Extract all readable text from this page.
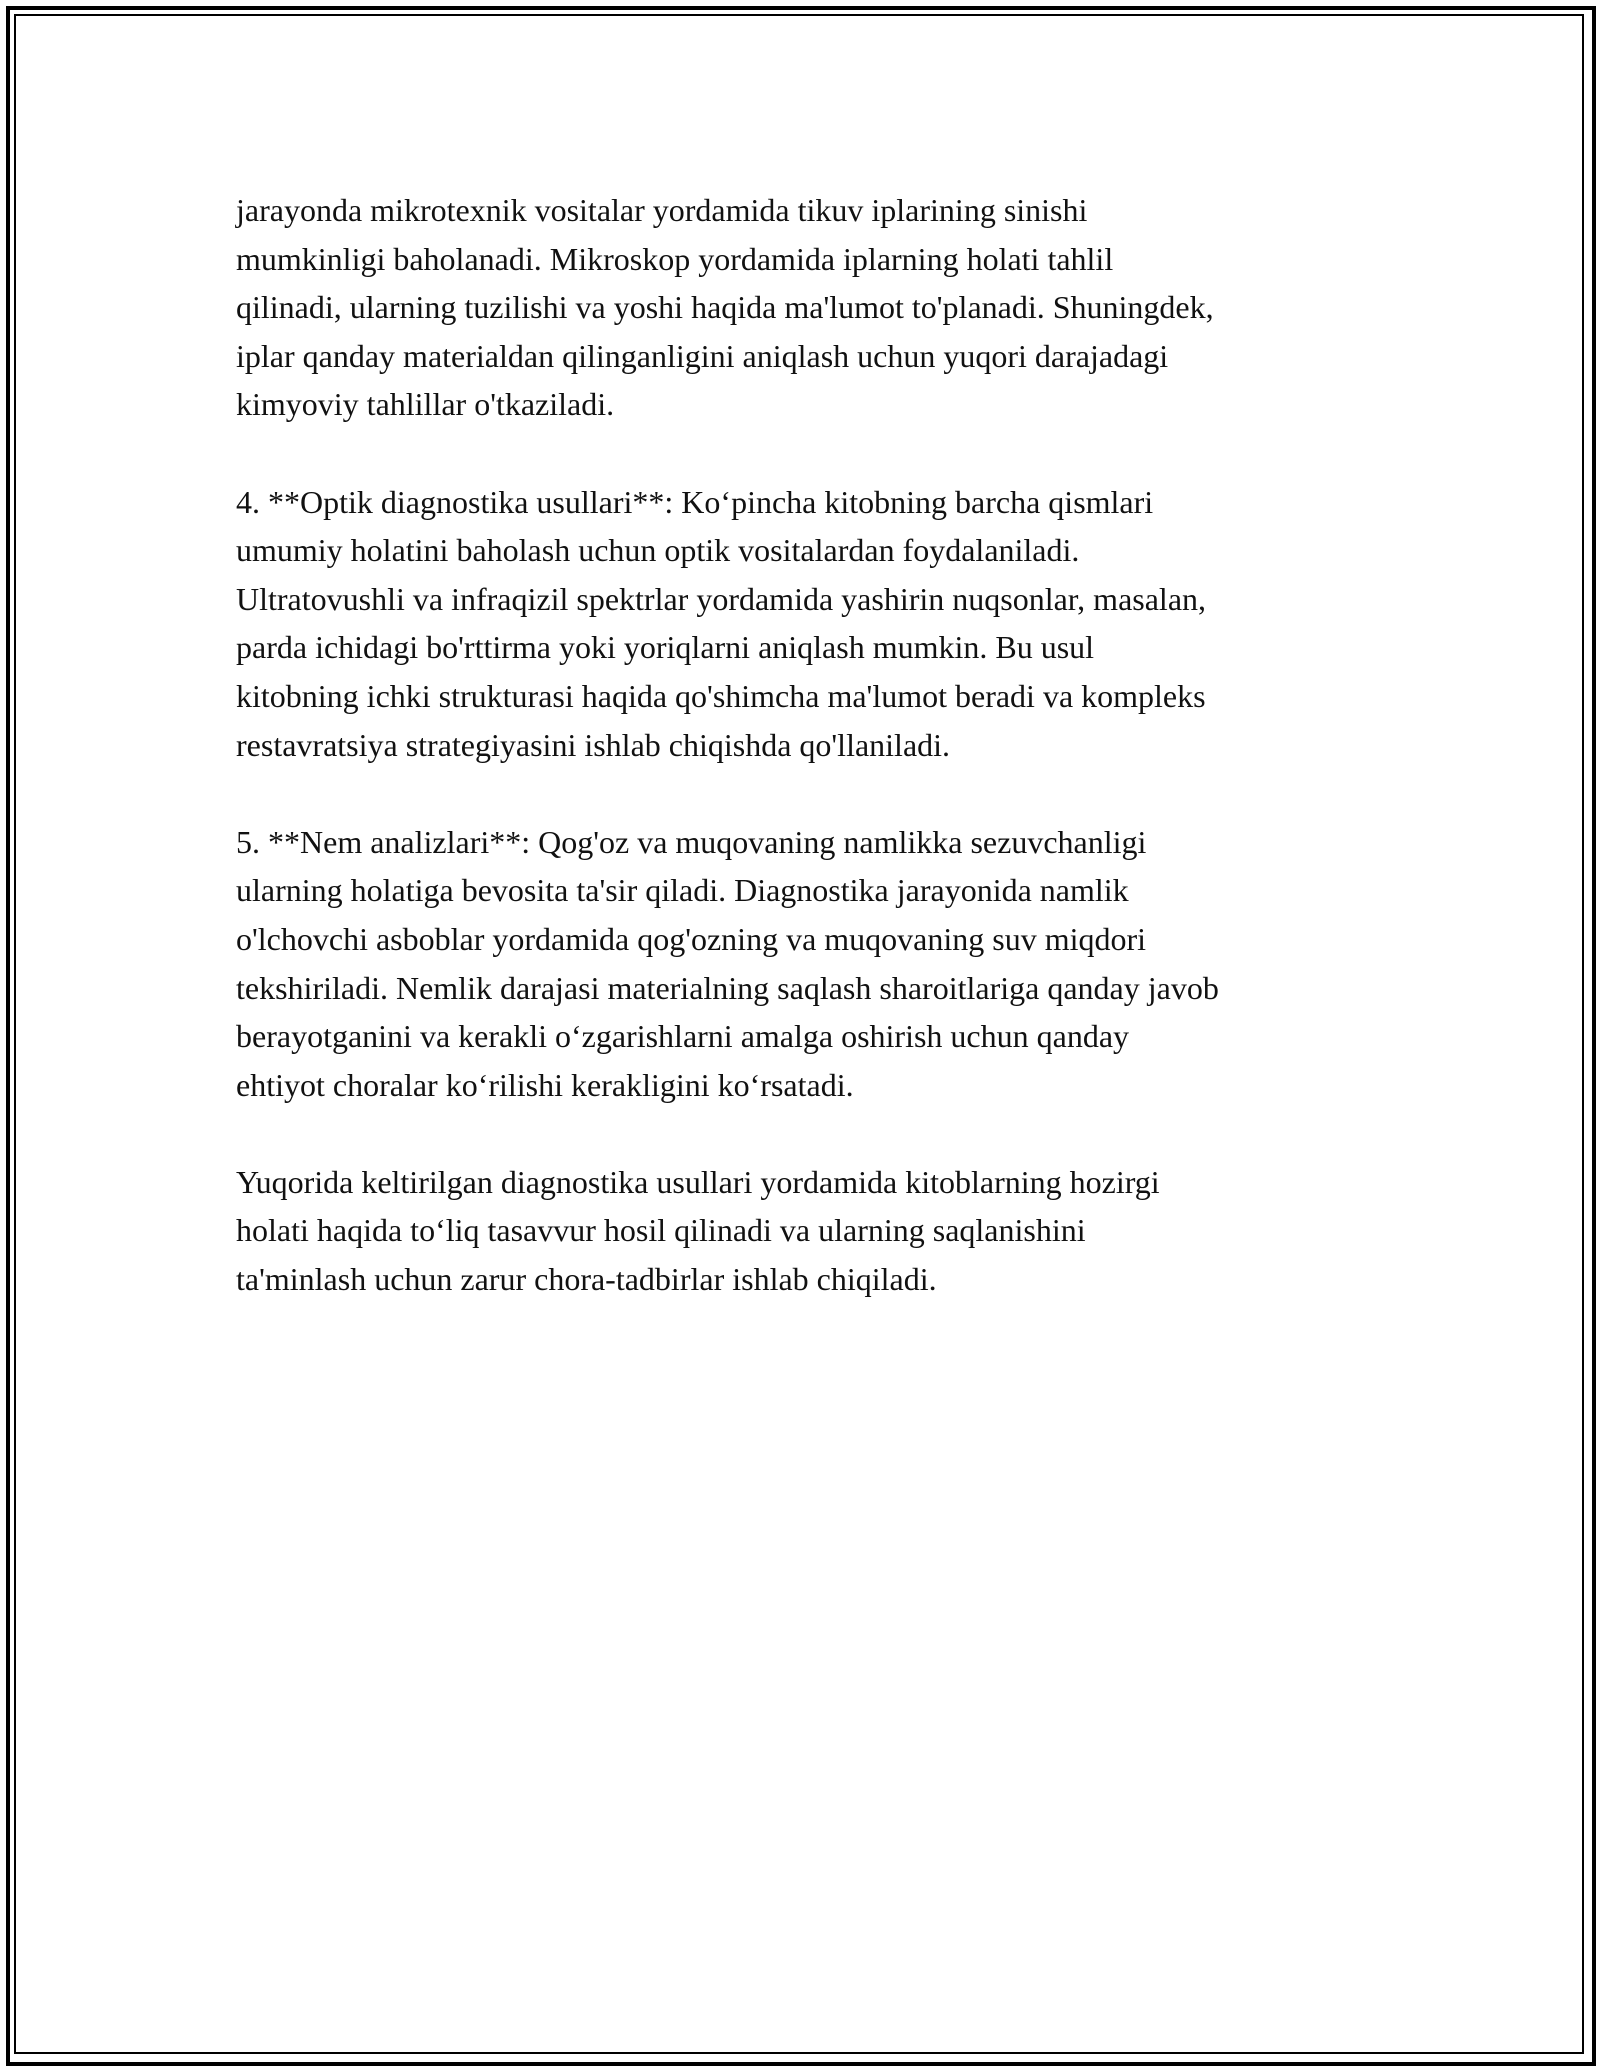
jarayonda mikrotexnik vositalar yordamida tikuv iplarining sinishi
mumkinligi baholanadi. Mikroskop yordamida iplarning holati tahlil
qilinadi, ularning tuzilishi va yoshi haqida ma'lumot to'planadi. Shuningdek,
iplar qanday materialdan qilinganligini aniqlash uchun yuqori darajadagi
kimyoviy tahlillar o'tkaziladi.

4. **Optik diagnostika usullari**: Ko‘pincha kitobning barcha qismlari
umumiy holatini baholash uchun optik vositalardan foydalaniladi.
Ultratovushli va infraqizil spektrlar yordamida yashirin nuqsonlar, masalan,
parda ichidagi bo'rttirma yoki yoriqlarni aniqlash mumkin. Bu usul
kitobning ichki strukturasi haqida qo'shimcha ma'lumot beradi va kompleks
restavratsiya strategiyasini ishlab chiqishda qo'llaniladi.

5. **Nem analizlari**: Qog'oz va muqovaning namlikka sezuvchanligi
ularning holatiga bevosita ta'sir qiladi. Diagnostika jarayonida namlik
o'lchovchi asboblar yordamida qog'ozning va muqovaning suv miqdori
tekshiriladi. Nemlik darajasi materialning saqlash sharoitlariga qanday javob
berayotganini va kerakli o‘zgarishlarni amalga oshirish uchun qanday
ehtiyot choralar ko‘rilishi kerakligini ko‘rsatadi.

Yuqorida keltirilgan diagnostika usullari yordamida kitoblarning hozirgi
holati haqida to‘liq tasavvur hosil qilinadi va ularning saqlanishini
ta'minlash uchun zarur chora-tadbirlar ishlab chiqiladi.
